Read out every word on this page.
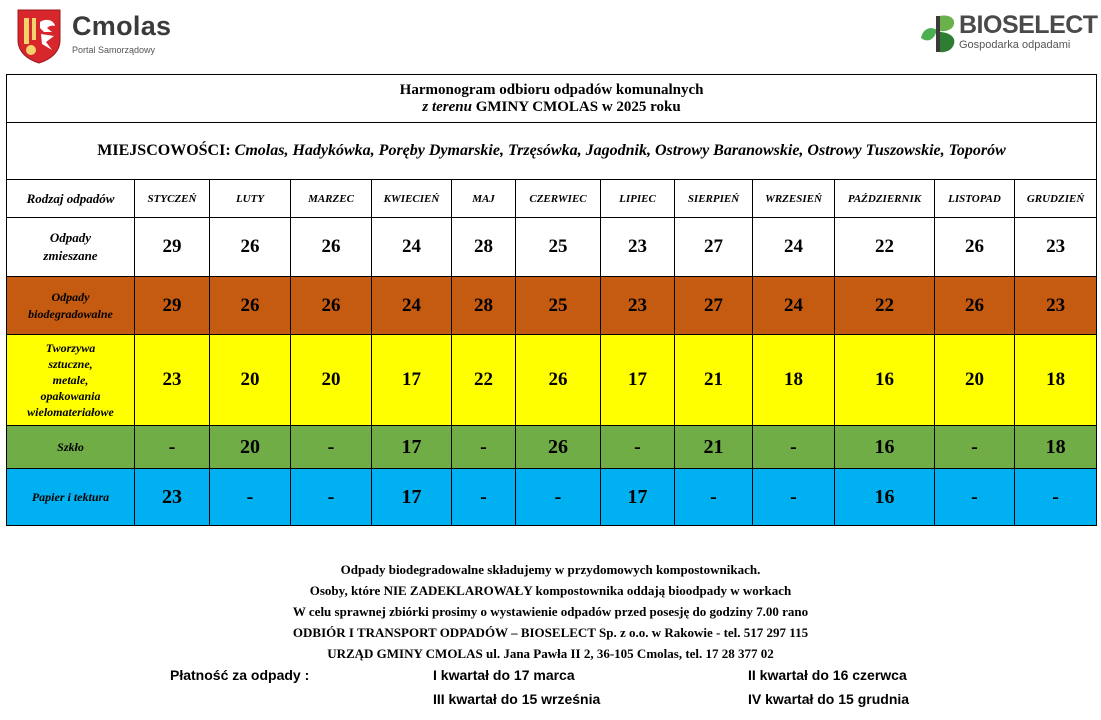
Cmolas
Portal Samorządowy
BIOSELECT
Gospodarka odpadami
Harmonogram odbioru odpadów komunalnych
z terenu GMINY CMOLAS w 2025 roku												

MIEJSCOWOŚCI: Cmolas, Hadykówka, Poręby Dymarskie, Trzęsówka, Jagodnik, Ostrowy Baranowskie, Ostrowy Tuszowskie, Toporów												
Rodzaj odpadów	STYCZEŃ	LUTY	MARZEC	KWIECIEŃ	MAJ	CZERWIEC	LIPIEC	SIERPIEŃ	WRZESIEŃ	PAŹDZIERNIK	LISTOPAD	GRUDZIEŃ

Odpady
zmieszane	29	26	26	24	28	25	23	27	24	22	26	23

Odpady
biodegradowalne	29	26	26	24	28	25	23	27	24	22	26	23

Tworzywa
sztuczne,
metale,
opakowania
wielomateriałowe	23	20	20	17	22	26	17	21	18	16	20	18

Szkło	-	20	-	17	-	26	-	21	-	16	-	18

Papier i tektura	23	-	-	17	-	-	17	-	-	16	-	-
Odpady biodegradowalne składujemy w przydomowych kompostownikach.
Osoby, które NIE ZADEKLAROWAŁY kompostownika oddają bioodpady w workach
W celu sprawnej zbiórki prosimy o wystawienie odpadów przed posesję do godziny 7.00 rano
ODBIÓR I TRANSPORT ODPADÓW – BIOSELECT Sp. z o.o. w Rakowie - tel. 517 297 115
URZĄD GMINY CMOLAS ul. Jana Pawła II 2, 36-105 Cmolas, tel. 17 28 377 02
Płatność za odpady :	I kwartał do 17 marca	II kwartał do 16 czerwca
III kwartał do 15 września	IV kwartał do 15 grudnia
